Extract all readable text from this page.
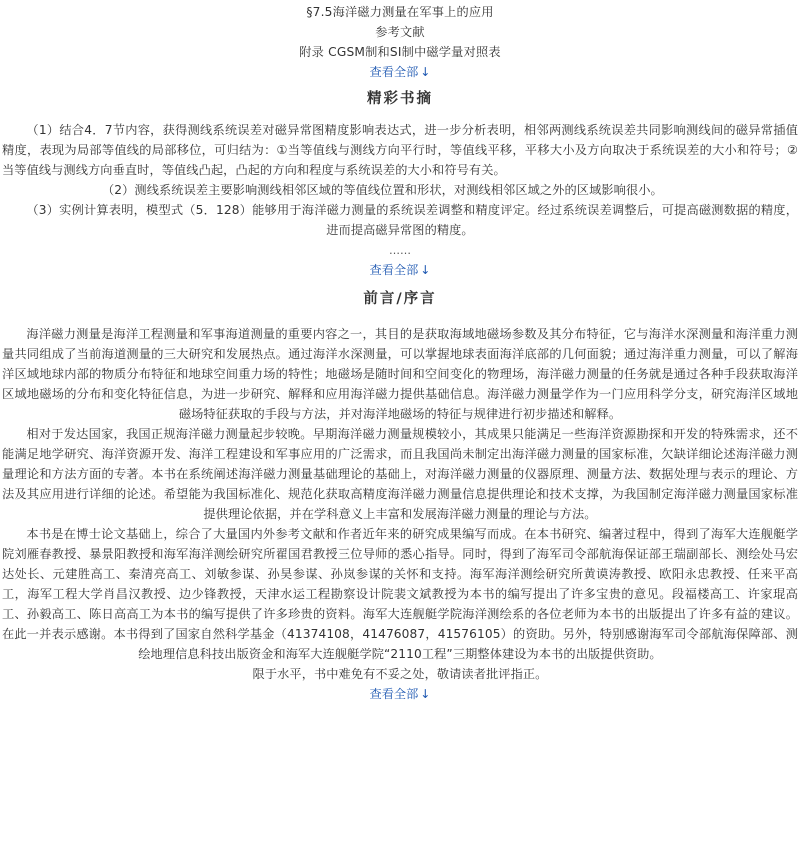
§7.5海洋磁力测量在军事上的应用
参考文献
附录 CGSM制和SI制中磁学量对照表
查看全部 ↓
精彩书摘

（1）结合4．7节内容，获得测线系统误差对磁异常图精度影响表达式，进一步分析表明，相邻两测线系统误差共同影响测线间的磁异常插值精度，表现为局部等值线的局部移位，可归结为：①当等值线与测线方向平行时，等值线平移，平移大小及方向取决于系统误差的大小和符号；②当等值线与测线方向垂直时，等值线凸起，凸起的方向和程度与系统误差的大小和符号有关。

（2）测线系统误差主要影响测线相邻区域的等值线位置和形状，对测线相邻区域之外的区域影响很小。

（3）实例计算表明，模型式（5．128）能够用于海洋磁力测量的系统误差调整和精度评定。经过系统误差调整后，可提高磁测数据的精度，进而提高磁异常图的精度。

……
查看全部 ↓
前言/序言

海洋磁力测量是海洋工程测量和军事海道测量的重要内容之一，其目的是获取海域地磁场参数及其分布特征，它与海洋水深测量和海洋重力测量共同组成了当前海道测量的三大研究和发展热点。通过海洋水深测量，可以掌握地球表面海洋底部的几何面貌；通过海洋重力测量，可以了解海洋区域地球内部的物质分布特征和地球空间重力场的特性；地磁场是随时间和空间变化的物理场，海洋磁力测量的任务就是通过各种手段获取海洋区域地磁场的分布和变化特征信息，为进一步研究、解释和应用海洋磁力提供基础信息。海洋磁力测量学作为一门应用科学分支，研究海洋区域地磁场特征获取的手段与方法，并对海洋地磁场的特征与规律进行初步描述和解释。

相对于发达国家，我国正规海洋磁力测量起步较晚。早期海洋磁力测量规模较小，其成果只能满足一些海洋资源勘探和开发的特殊需求，还不能满足地学研究、海洋资源开发、海洋工程建设和军事应用的广泛需求，而且我国尚未制定出海洋磁力测量的国家标准，欠缺详细论述海洋磁力测量理论和方法方面的专著。本书在系统阐述海洋磁力测量基础理论的基础上，对海洋磁力测量的仪器原理、测量方法、数据处理与表示的理论、方法及其应用进行详细的论述。希望能为我国标准化、规范化获取高精度海洋磁力测量信息提供理论和技术支撑，为我国制定海洋磁力测量国家标准提供理论依据，并在学科意义上丰富和发展海洋磁力测量的理论与方法。

本书是在博士论文基础上，综合了大量国内外参考文献和作者近年来的研究成果编写而成。在本书研究、编著过程中，得到了海军大连舰艇学院刘雁春教授、暴景阳教授和海军海洋测绘研究所翟国君教授三位导师的悉心指导。同时，得到了海军司令部航海保证部王瑞副部长、测绘处马宏达处长、元建胜高工、秦清亮高工、刘敏参谋、孙昊参谋、孙岚参谋的关怀和支持。海军海洋测绘研究所黄谟涛教授、欧阳永忠教授、任来平高工，海军工程大学肖昌汉教授、边少锋教授，天津水运工程勘察设计院裴文斌教授为本书的编写提出了许多宝贵的意见。段福楼高工、许家琨高工、孙毅高工、陈日高高工为本书的编写提供了许多珍贵的资料。海军大连舰艇学院海洋测绘系的各位老师为本书的出版提出了许多有益的建议。在此一并表示感谢。本书得到了国家自然科学基金（41374108，41476087，41576105）的资助。另外，特别感谢海军司令部航海保障部、测绘地理信息科技出版资金和海军大连舰艇学院“2110工程”三期整体建设为本书的出版提供资助。

限于水平，书中难免有不妥之处，敬请读者批评指正。

查看全部 ↓
